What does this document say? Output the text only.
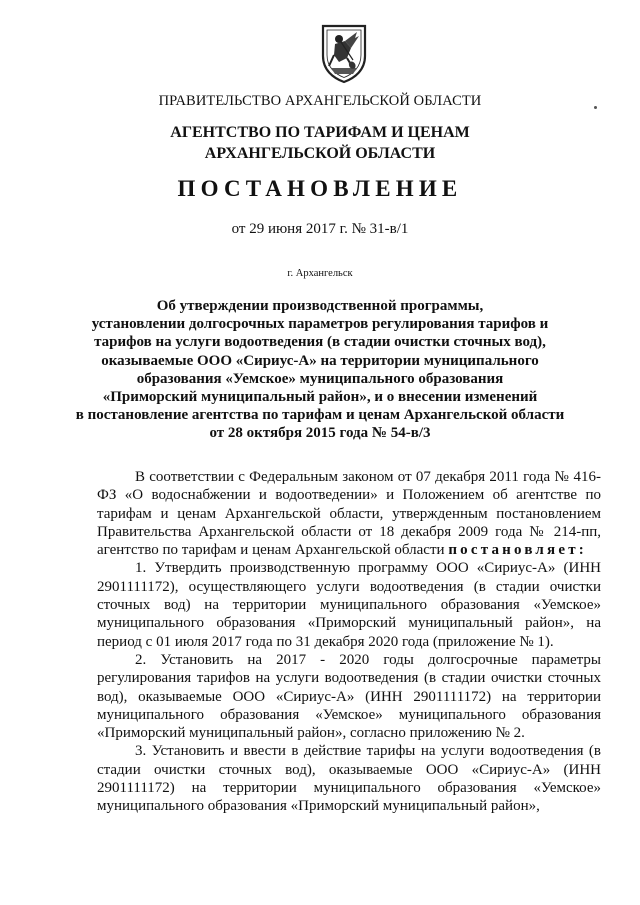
ПРАВИТЕЛЬСТВО АРХАНГЕЛЬСКОЙ ОБЛАСТИ
АГЕНТСТВО ПО ТАРИФАМ И ЦЕНАМ
АРХАНГЕЛЬСКОЙ ОБЛАСТИ
ПОСТАНОВЛЕНИЕ
от 29 июня 2017 г. № 31-в/1
г. Архангельск
Об утверждении производственной программы,
установлении долгосрочных параметров регулирования тарифов и
тарифов на услуги водоотведения (в стадии очистки сточных вод),
оказываемые ООО «Сириус-А» на территории муниципального
образования «Уемское» муниципального образования
«Приморский муниципальный район», и о внесении изменений
в постановление агентства по тарифам и ценам Архангельской области
от 28 октября 2015 года № 54-в/3

В соответствии с Федеральным законом от 07 декабря 2011 года № 416-ФЗ «О водоснабжении и водоотведении» и Положением об агентстве по тарифам и ценам Архангельской области, утвержденным постановлением Правительства Архангельской области от 18 декабря 2009 года № 214-пп, агентство по тарифам и ценам Архангельской области постановляет:

1. Утвердить производственную программу ООО «Сириус-А» (ИНН 2901111172), осуществляющего услуги водоотведения (в стадии очистки сточных вод) на территории муниципального образования «Уемское» муниципального образования «Приморский муниципальный район», на период с 01 июля 2017 года по 31 декабря 2020 года (приложение № 1).

2. Установить на 2017 - 2020 годы долгосрочные параметры регулирования тарифов на услуги водоотведения (в стадии очистки сточных вод), оказываемые ООО «Сириус-А» (ИНН 2901111172) на территории муниципального образования «Уемское» муниципального образования «Приморский муниципальный район», согласно приложению № 2.

3. Установить и ввести в действие тарифы на услуги водоотведения (в стадии очистки сточных вод), оказываемые ООО «Сириус-А» (ИНН 2901111172) на территории муниципального образования «Уемское» муниципального образования «Приморский муниципальный район»,
